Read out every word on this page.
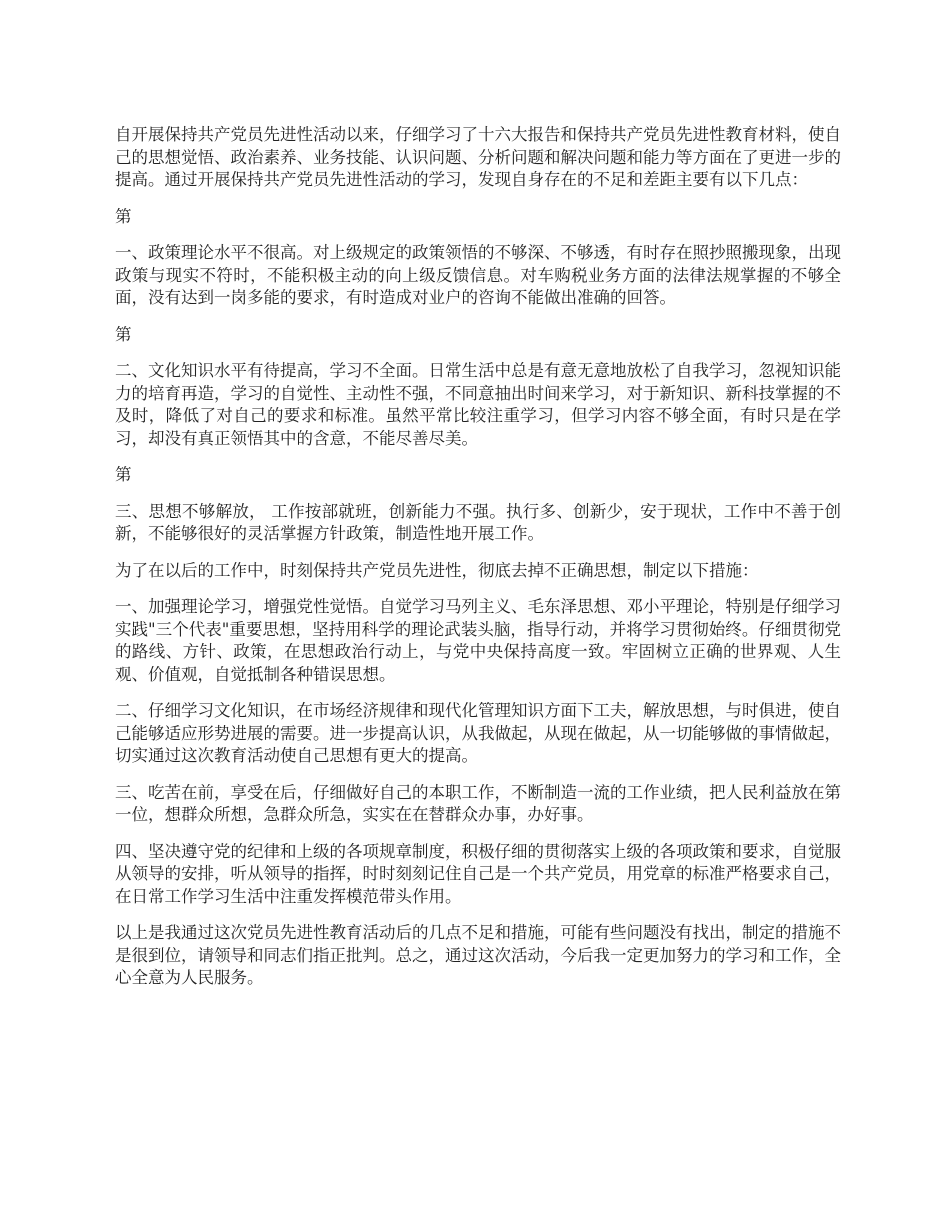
自开展保持共产党员先进性活动以来，仔细学习了十六大报告和保持共产党员先进性教育材料，使自己的思想觉悟、政治素养、业务技能、认识问题、分析问题和解决问题和能力等方面在了更进一步的提高。通过开展保持共产党员先进性活动的学习，发现自身存在的不足和差距主要有以下几点：

第

一、政策理论水平不很高。对上级规定的政策领悟的不够深、不够透，有时存在照抄照搬现象，出现政策与现实不符时，不能积极主动的向上级反馈信息。对车购税业务方面的法律法规掌握的不够全面，没有达到一岗多能的要求，有时造成对业户的咨询不能做出准确的回答。

第

二、文化知识水平有待提高，学习不全面。日常生活中总是有意无意地放松了自我学习，忽视知识能力的培育再造，学习的自觉性、主动性不强，不同意抽出时间来学习，对于新知识、新科技掌握的不及时，降低了对自己的要求和标准。虽然平常比较注重学习，但学习内容不够全面，有时只是在学习，却没有真正领悟其中的含意，不能尽善尽美。

第

三、思想不够解放， 工作按部就班，创新能力不强。执行多、创新少，安于现状，工作中不善于创新，不能够很好的灵活掌握方针政策，制造性地开展工作。

为了在以后的工作中，时刻保持共产党员先进性，彻底去掉不正确思想，制定以下措施：

一、加强理论学习，增强党性觉悟。自觉学习马列主义、毛东泽思想、邓小平理论，特别是仔细学习实践"三个代表"重要思想，坚持用科学的理论武装头脑，指导行动，并将学习贯彻始终。仔细贯彻党的路线、方针、政策，在思想政治行动上，与党中央保持高度一致。牢固树立正确的世界观、人生观、价值观，自觉抵制各种错误思想。

二、仔细学习文化知识，在市场经济规律和现代化管理知识方面下工夫，解放思想，与时俱进，使自己能够适应形势进展的需要。进一步提高认识，从我做起，从现在做起，从一切能够做的事情做起，切实通过这次教育活动使自己思想有更大的提高。

三、吃苦在前，享受在后，仔细做好自己的本职工作，不断制造一流的工作业绩，把人民利益放在第一位，想群众所想，急群众所急，实实在在替群众办事，办好事。

四、坚决遵守党的纪律和上级的各项规章制度，积极仔细的贯彻落实上级的各项政策和要求，自觉服从领导的安排，听从领导的指挥，时时刻刻记住自己是一个共产党员，用党章的标准严格要求自己，在日常工作学习生活中注重发挥模范带头作用。

以上是我通过这次党员先进性教育活动后的几点不足和措施，可能有些问题没有找出，制定的措施不是很到位，请领导和同志们指正批判。总之，通过这次活动，今后我一定更加努力的学习和工作，全心全意为人民服务。
